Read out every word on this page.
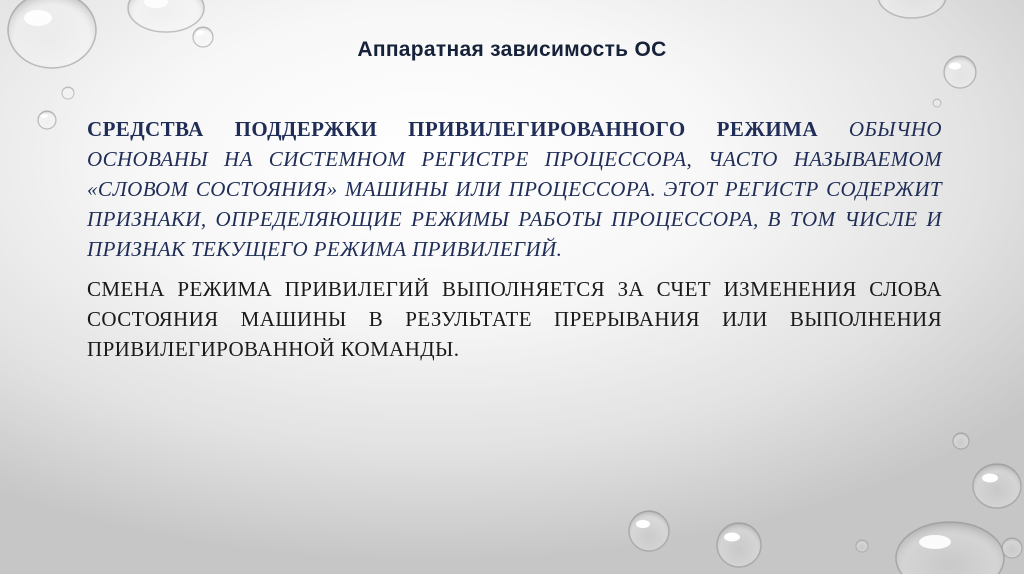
Аппаратная зависимость ОС

СРЕДСТВА ПОДДЕРЖКИ ПРИВИЛЕГИРОВАННОГО РЕЖИМА ОБЫЧНО ОСНОВАНЫ НА СИСТЕМНОМ РЕГИСТРЕ ПРОЦЕССОРА, ЧАСТО НАЗЫВАЕМОМ «СЛОВОМ СОСТОЯНИЯ» МАШИНЫ ИЛИ ПРОЦЕССОРА. ЭТОТ РЕГИСТР СОДЕРЖИТ ПРИЗНАКИ, ОПРЕДЕЛЯЮЩИЕ РЕЖИМЫ РАБОТЫ ПРОЦЕССОРА, В ТОМ ЧИСЛЕ И ПРИЗНАК ТЕКУЩЕГО РЕЖИМА ПРИВИЛЕГИЙ.

СМЕНА РЕЖИМА ПРИВИЛЕГИЙ ВЫПОЛНЯЕТСЯ ЗА СЧЕТ ИЗМЕНЕНИЯ СЛОВА СОСТОЯНИЯ МАШИНЫ В РЕЗУЛЬТАТЕ ПРЕРЫВАНИЯ ИЛИ ВЫПОЛНЕНИЯ ПРИВИЛЕГИРОВАННОЙ КОМАНДЫ.
